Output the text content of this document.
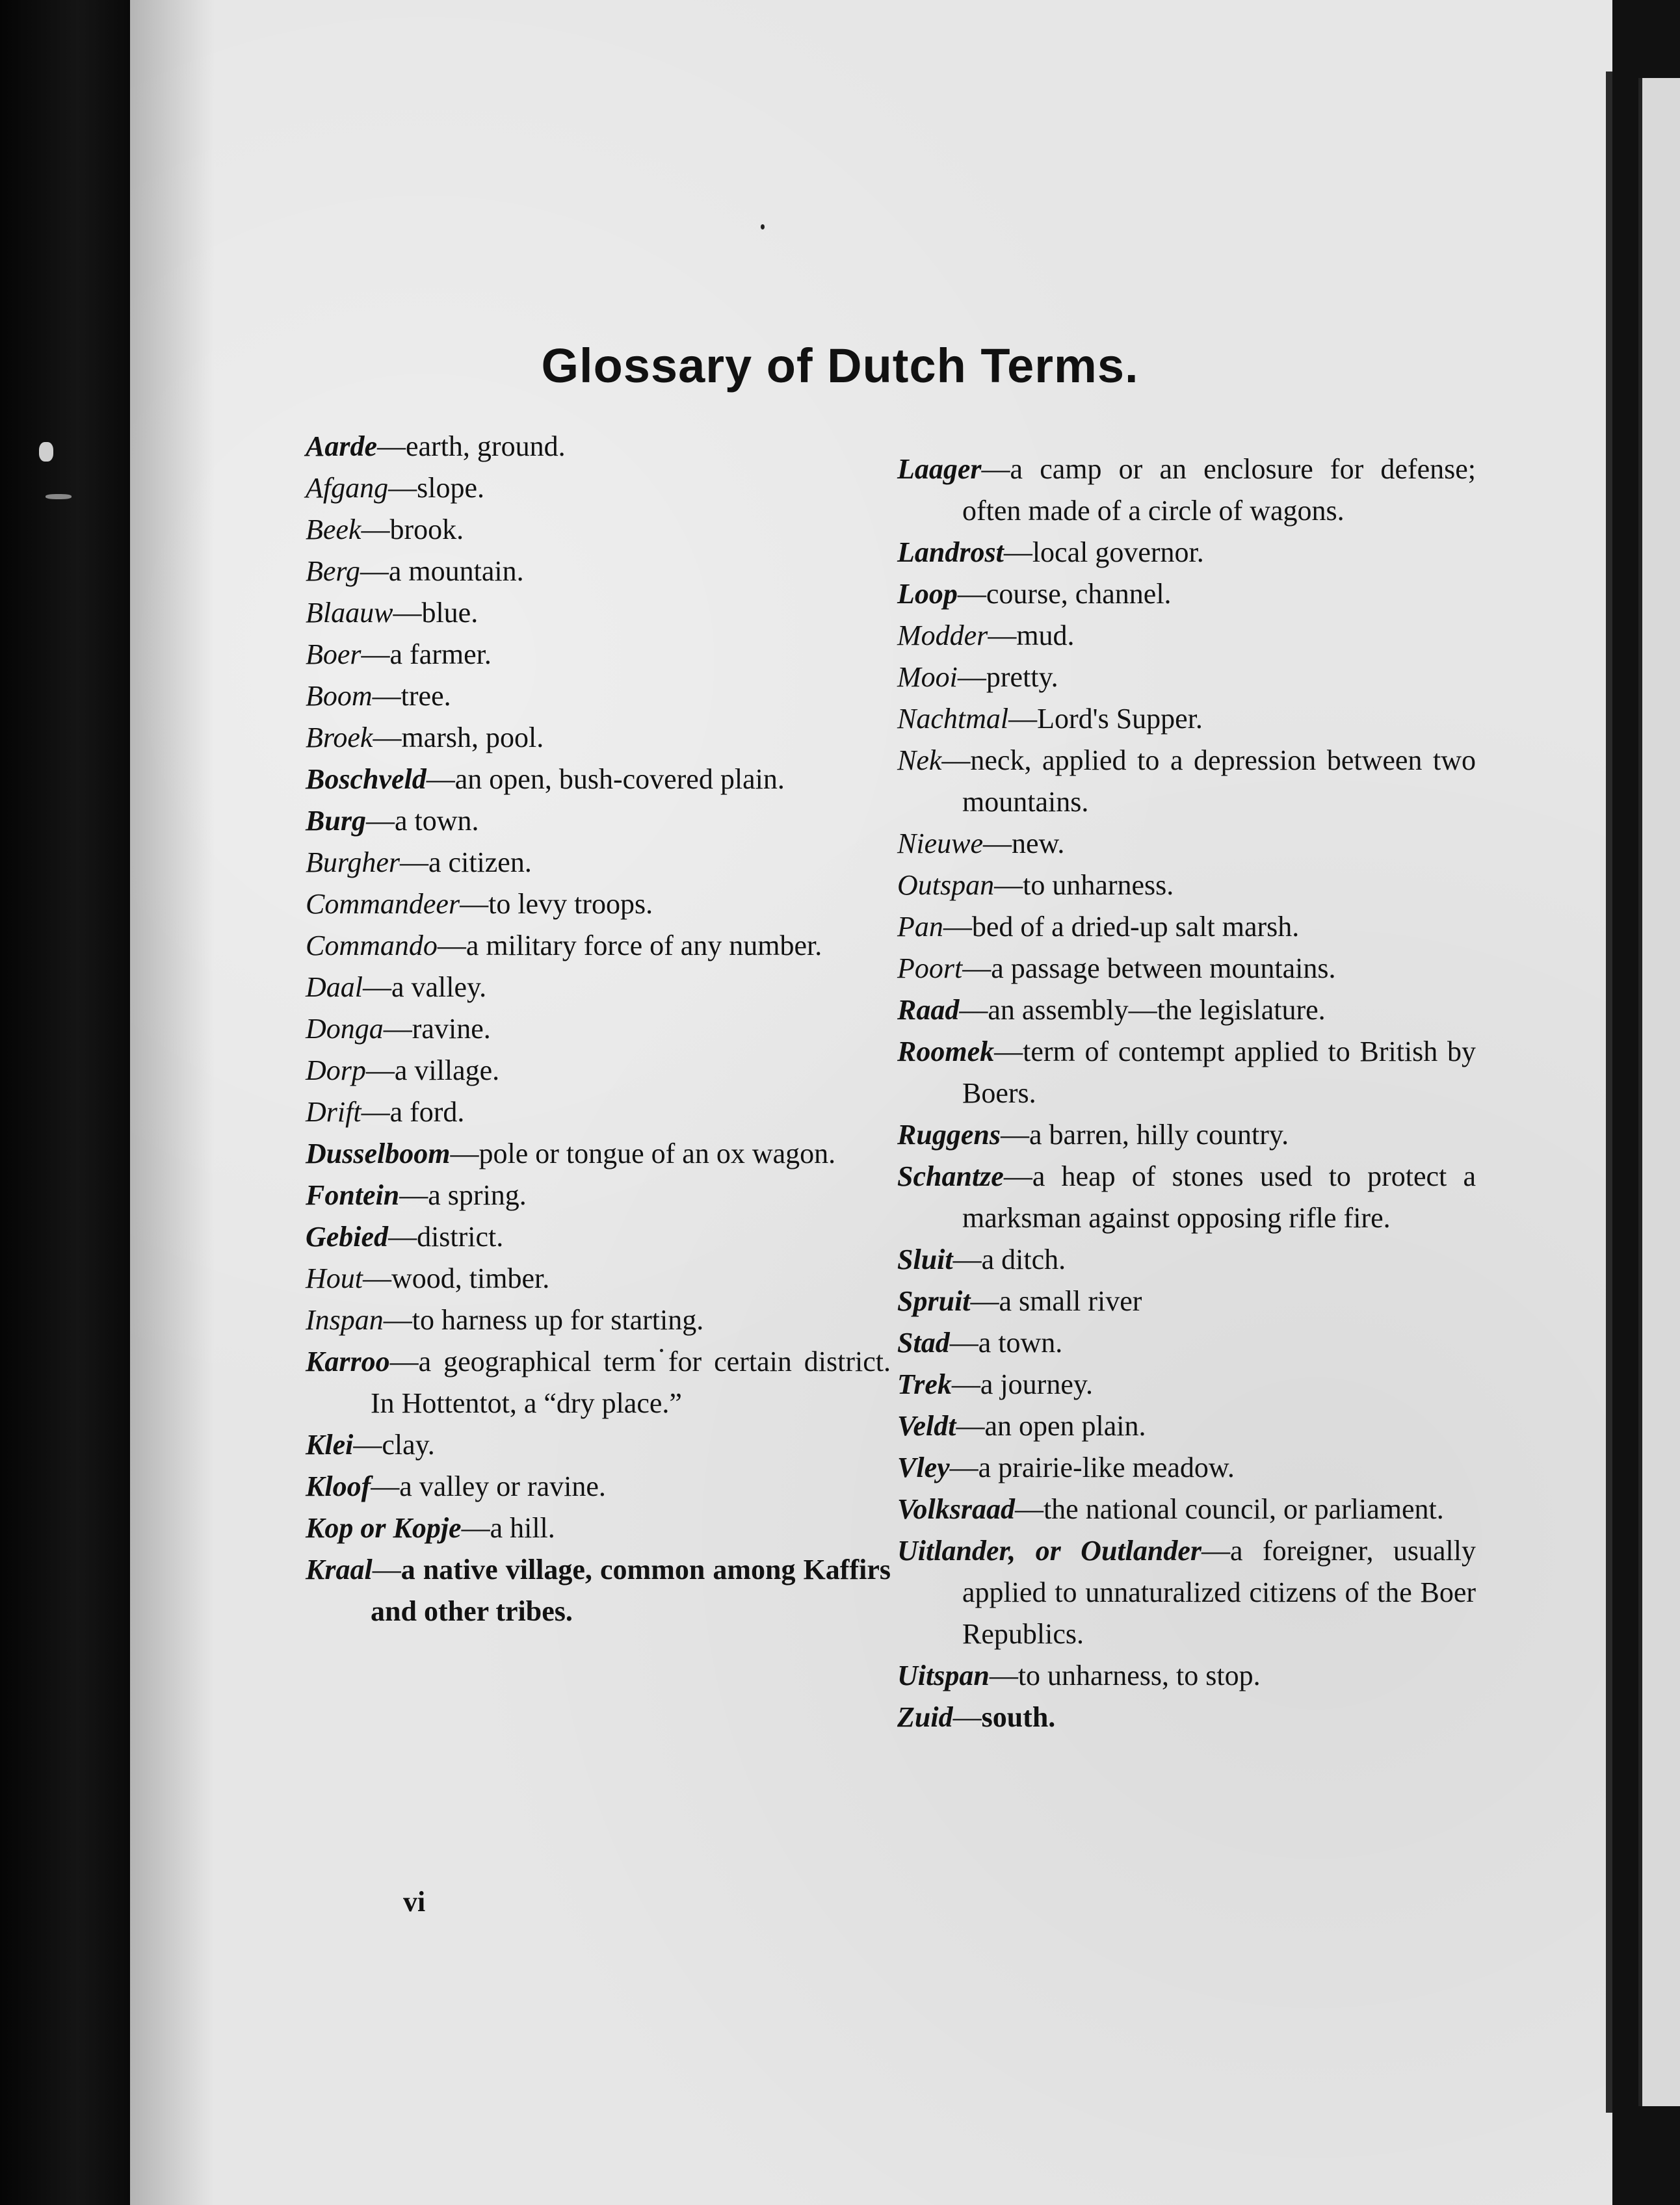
Glossary of Dutch Terms.
Aarde—earth, ground.
Afgang—slope.
Beek—brook.
Berg—a mountain.
Blaauw—blue.
Boer—a farmer.
Boom—tree.
Broek—marsh, pool.
Boschveld—an open, bush-covered plain.
Burg—a town.
Burgher—a citizen.
Commandeer—to levy troops.
Commando—a military force of any number.
Daal—a valley.
Donga—ravine.
Dorp—a village.
Drift—a ford.
Dusselboom—pole or tongue of an ox wagon.
Fontein—a spring.
Gebied—district.
Hout—wood, timber.
Inspan—to harness up for starting.
Karroo—a geographical term for certain district. In Hottentot, a “dry place.”
Klei—clay.
Kloof—a valley or ravine.
Kop or Kopje—a hill.
Kraal—a native village, common among Kaffirs and other tribes.
Laager—a camp or an enclosure for defense; often made of a circle of wagons.
Landrost—local governor.
Loop—course, channel.
Modder—mud.
Mooi—pretty.
Nachtmal—Lord's Supper.
Nek—neck, applied to a depression between two mountains.
Nieuwe—new.
Outspan—to unharness.
Pan—bed of a dried-up salt marsh.
Poort—a passage between mountains.
Raad—an assembly—the legislature.
Roomek—term of contempt applied to British by Boers.
Ruggens—a barren, hilly country.
Schantze—a heap of stones used to protect a marksman against opposing rifle fire.
Sluit—a ditch.
Spruit—a small river
Stad—a town.
Trek—a journey.
Veldt—an open plain.
Vley—a prairie-like meadow.
Volksraad—the national council, or parliament.
Uitlander, or Outlander—a foreigner, usually applied to unnaturalized citizens of the Boer Republics.
Uitspan—to unharness, to stop.
Zuid—south.
vi
